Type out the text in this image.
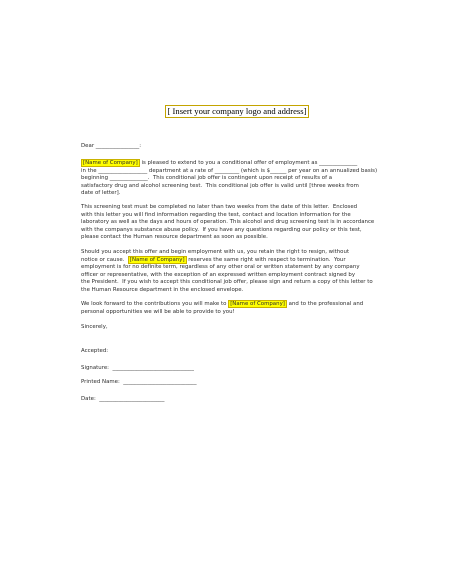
[ Insert your company logo and address]
Dear ________________:
[Name of Company] is pleased to extend to you a conditional offer of employment as ______________
in the __________________ department at a rate of _________ (which is $______ per year on an annualized basis)
beginning ______________.  This conditional job offer is contingent upon receipt of results of a
satisfactory drug and alcohol screening test.  This conditional job offer is valid until [three weeks from
date of letter].
This screening test must be completed no later than two weeks from the date of this letter.  Enclosed
with this letter you will find information regarding the test, contact and location information for the
laboratory as well as the days and hours of operation. This alcohol and drug screening test is in accordance
with the companys substance abuse policy.  If you have any questions regarding our policy or this test,
please contact the Human resource department as soon as possible.
Should you accept this offer and begin employment with us, you retain the right to resign, without
notice or cause.  [Name of Company] reserves the same right with respect to termination.  Your
employment is for no definite term, regardless of any other oral or written statement by any company
officer or representative, with the exception of an expressed written employment contract signed by
the President.  If you wish to accept this conditional job offer, please sign and return a copy of this letter to
the Human Resource department in the enclosed envelope.
We look forward to the contributions you will make to [Name of Company] and to the professional and
personal opportunities we will be able to provide to you!
Sincerely,
Accepted:
Signature:  ______________________________
Printed Name:  ___________________________
Date:  ________________________
